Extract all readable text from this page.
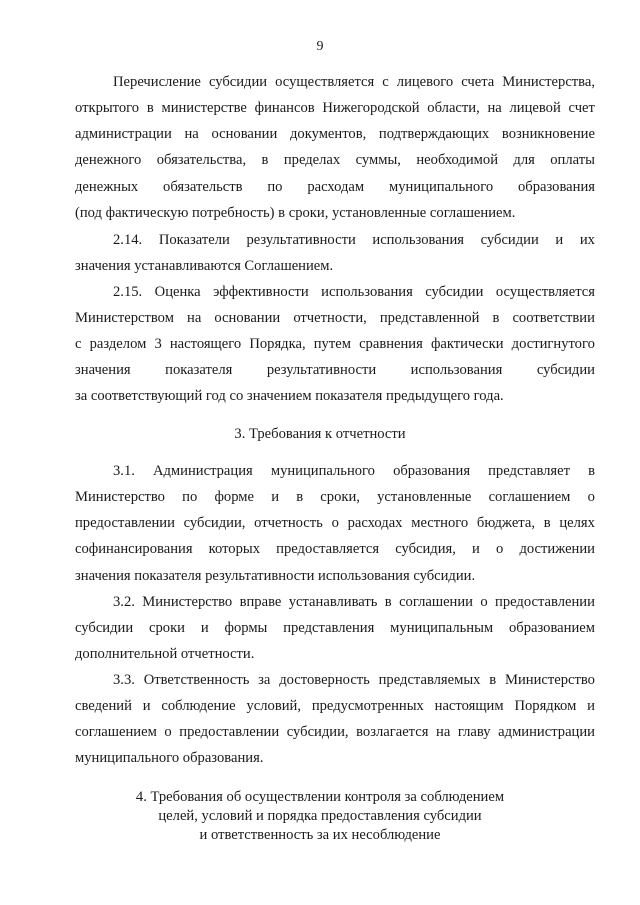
9
Перечисление субсидии осуществляется с лицевого счета Министерства,
открытого в министерстве финансов Нижегородской области, на лицевой счет
администрации на основании документов, подтверждающих возникновение
денежного обязательства, в пределах суммы, необходимой для оплаты
денежных обязательств по расходам муниципального образования
(под фактическую потребность) в сроки, установленные соглашением.
2.14. Показатели результативности использования субсидии и их
значения устанавливаются Соглашением.
2.15. Оценка эффективности использования субсидии осуществляется
Министерством на основании отчетности, представленной в соответствии
с разделом 3 настоящего Порядка, путем сравнения фактически достигнутого
значения показателя результативности использования субсидии
за соответствующий год со значением показателя предыдущего года.
3.1. Администрация муниципального образования представляет в
Министерство по форме и в сроки, установленные соглашением о
предоставлении субсидии, отчетность о расходах местного бюджета, в целях
софинансирования которых предоставляется субсидия, и о достижении
значения показателя результативности использования субсидии.
3.2. Министерство вправе устанавливать в соглашении о предоставлении
субсидии сроки и формы представления муниципальным образованием
дополнительной отчетности.
3.3. Ответственность за достоверность представляемых в Министерство
сведений и соблюдение условий, предусмотренных настоящим Порядком и
соглашением о предоставлении субсидии, возлагается на главу администрации
муниципального образования.
3. Требования к отчетности
4. Требования об осуществлении контроля за соблюдением
целей, условий и порядка предоставления субсидии
и ответственность за их несоблюдение
